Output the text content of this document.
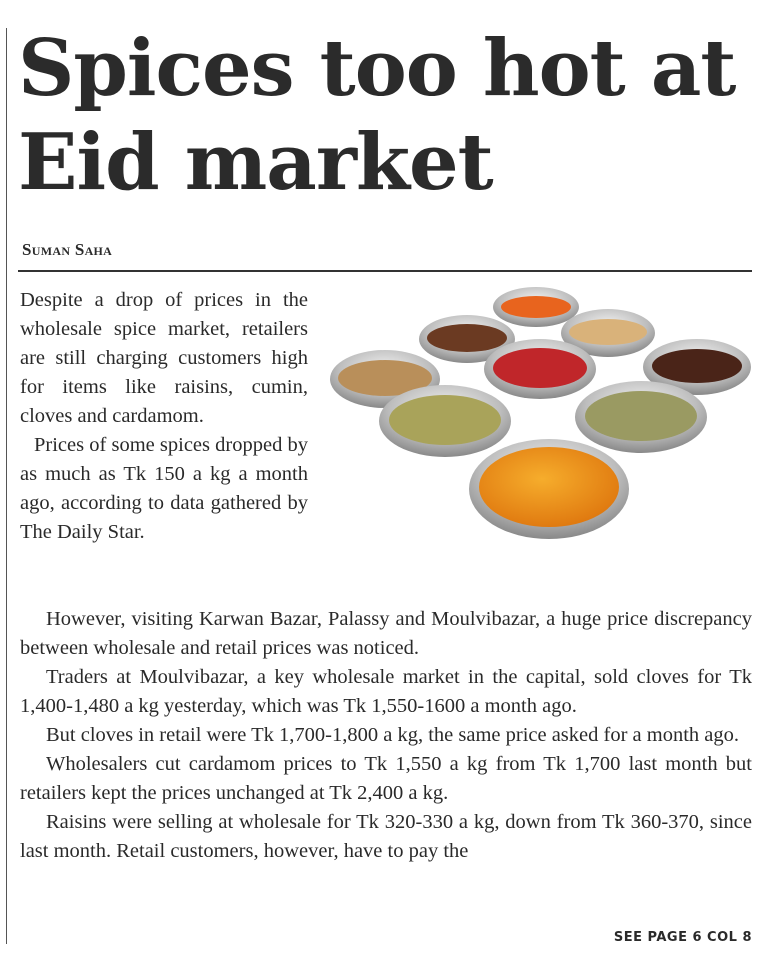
Spices too hot at Eid market
Suman Saha

Despite a drop of prices in the wholesale spice market, retailers are still charging customers high for items like raisins, cumin, cloves and cardamom.

Prices of some spices dropped by as much as Tk 150 a kg a month ago, according to data gathered by The Daily Star.

However, visiting Karwan Bazar, Palassy and Moulvibazar, a huge price discrepancy between wholesale and retail prices was noticed.

Traders at Moulvibazar, a key wholesale market in the capital, sold cloves for Tk 1,400-1,480 a kg yesterday, which was Tk 1,550-1600 a month ago.

But cloves in retail were Tk 1,700-1,800 a kg, the same price asked for a month ago.

Wholesalers cut cardamom prices to Tk 1,550 a kg from Tk 1,700 last month but retailers kept the prices unchanged at Tk 2,400 a kg.

Raisins were selling at wholesale for Tk 320-330 a kg, down from Tk 360-370, since last month. Retail customers, however, have to pay the

SEE PAGE 6 COL 8
